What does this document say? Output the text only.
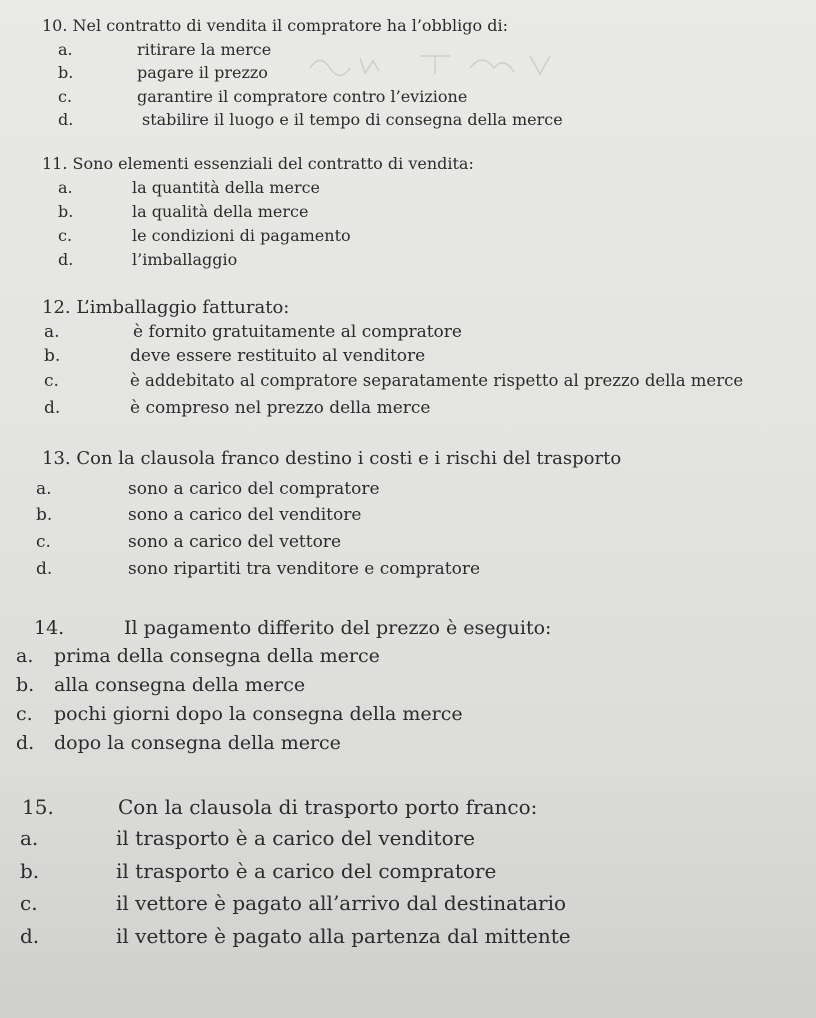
10. Nel contratto di vendita il compratore ha l’obbligo di:
a.	ritirare la merce
b.	pagare il prezzo
c.	garantire il compratore contro l’evizione
d.	stabilire il luogo e il tempo di consegna della merce
11. Sono elementi essenziali del contratto di vendita:
a.	la quantità della merce
b.	la qualità della merce
c.	le condizioni di pagamento
d.	l’imballaggio
12. L’imballaggio fatturato:
a.	è fornito gratuitamente al compratore
b.	deve essere restituito al venditore
c.	è addebitato al compratore separatamente rispetto al prezzo della merce
d.	è compreso nel prezzo della merce
13. Con la clausola franco destino i costi e i rischi del trasporto
a.	sono a carico del compratore
b.	sono a carico del venditore
c.	sono a carico del vettore
d.	sono ripartiti tra venditore e compratore
14.	Il pagamento differito del prezzo è eseguito:
a. prima della consegna della merce
b. alla consegna della merce
c. pochi giorni dopo la consegna della merce
d. dopo la consegna della merce
15.	Con la clausola di trasporto porto franco:
a.	il trasporto è a carico del venditore
b.	il trasporto è a carico del compratore
c.	il vettore è pagato all’arrivo dal destinatario
d.	il vettore è pagato alla partenza dal mittente
